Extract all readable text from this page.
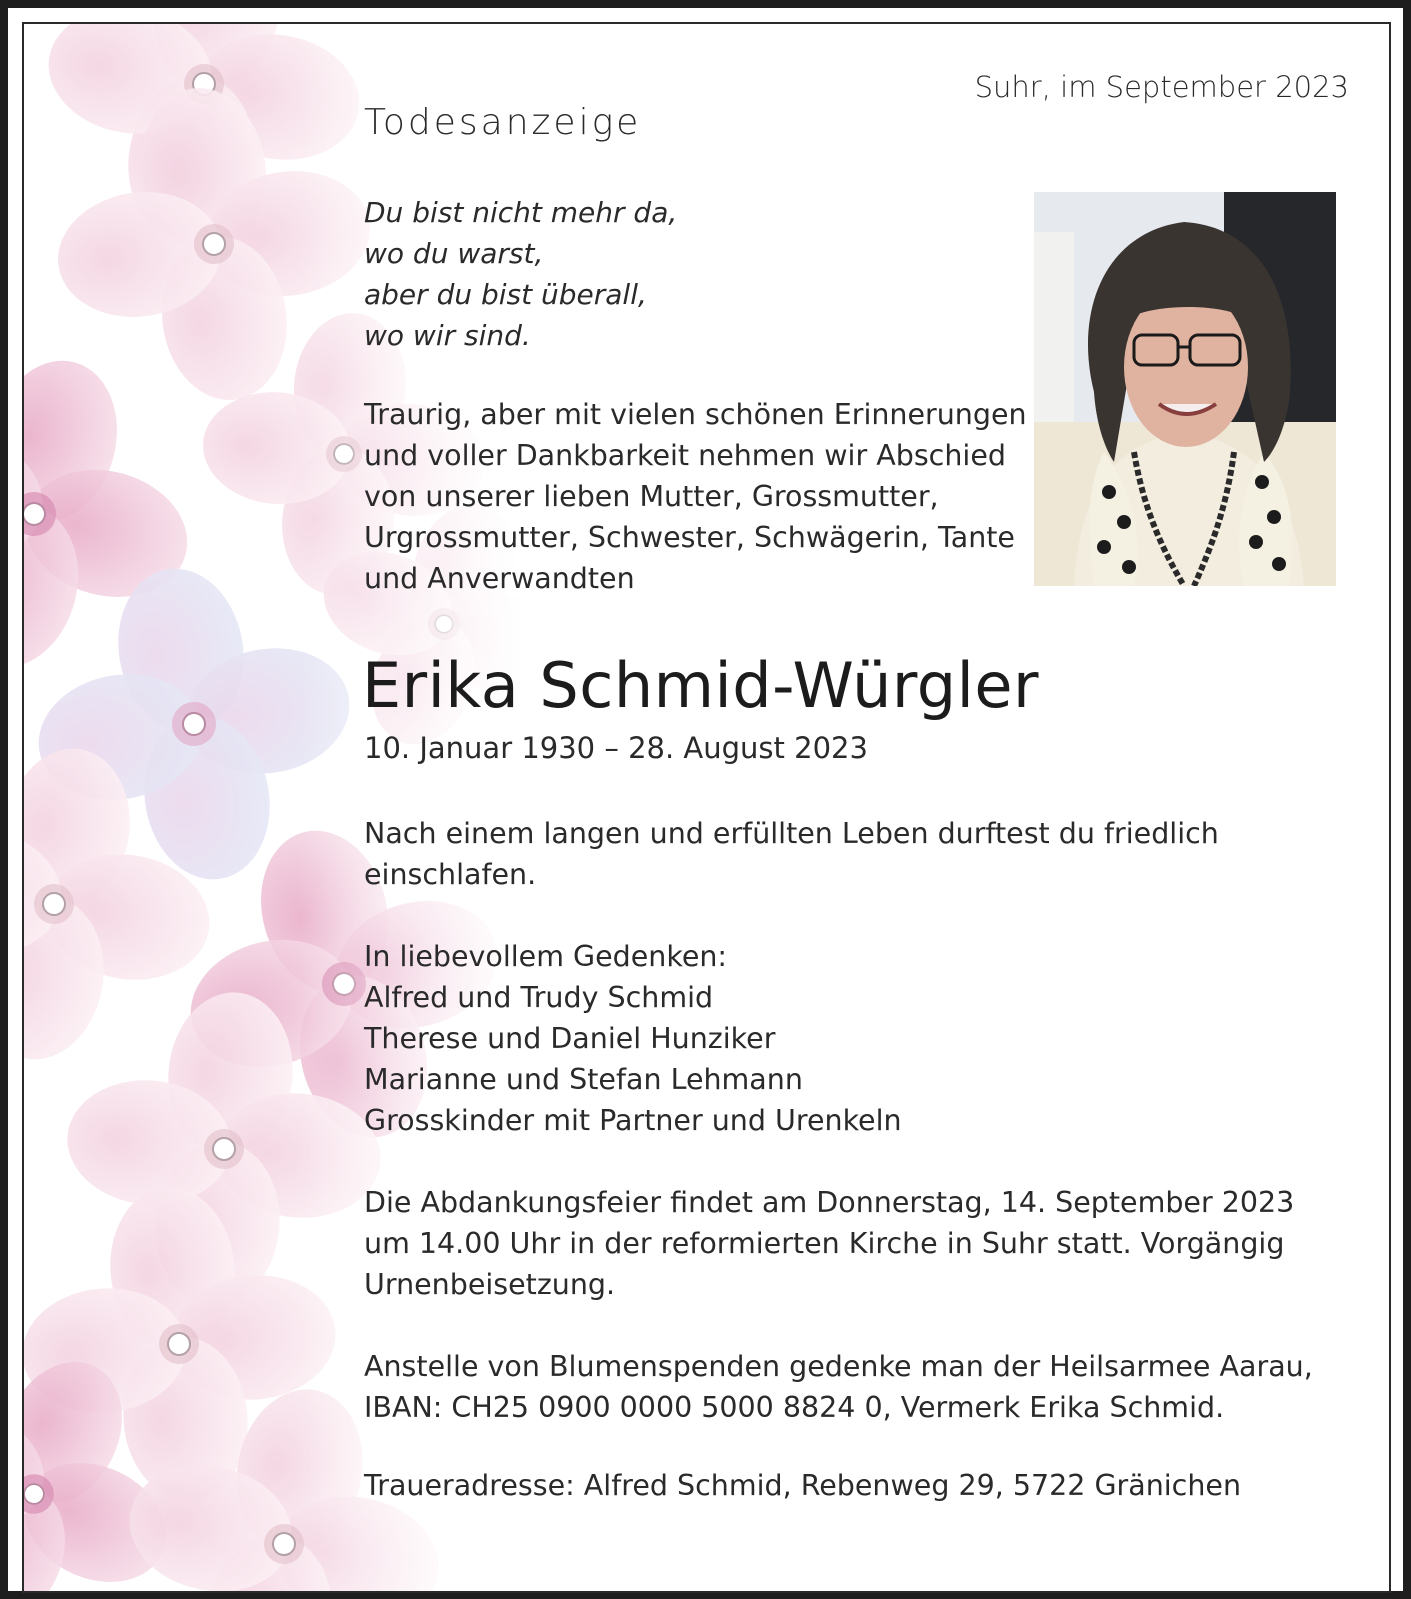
Suhr, im September 2023
Todesanzeige
Du bist nicht mehr da,
wo du warst,
aber du bist überall,
wo wir sind.
Traurig, aber mit vielen schönen Erinnerungen
und voller Dankbarkeit nehmen wir Abschied
von unserer lieben Mutter, Grossmutter,
Urgrossmutter, Schwester, Schwägerin, Tante
und Anverwandten
Erika Schmid-Würgler
10. Januar 1930 – 28. August 2023
Nach einem langen und erfüllten Leben durftest du friedlich
einschlafen.
In liebevollem Gedenken:
Alfred und Trudy Schmid
Therese und Daniel Hunziker
Marianne und Stefan Lehmann
Grosskinder mit Partner und Urenkeln
Die Abdankungsfeier findet am Donnerstag, 14. September 2023
um 14.00 Uhr in der reformierten Kirche in Suhr statt. Vorgängig
Urnenbeisetzung.
Anstelle von Blumenspenden gedenke man der Heilsarmee Aarau,
IBAN: CH25 0900 0000 5000 8824 0, Vermerk Erika Schmid.
Traueradresse: Alfred Schmid, Rebenweg 29, 5722 Gränichen
